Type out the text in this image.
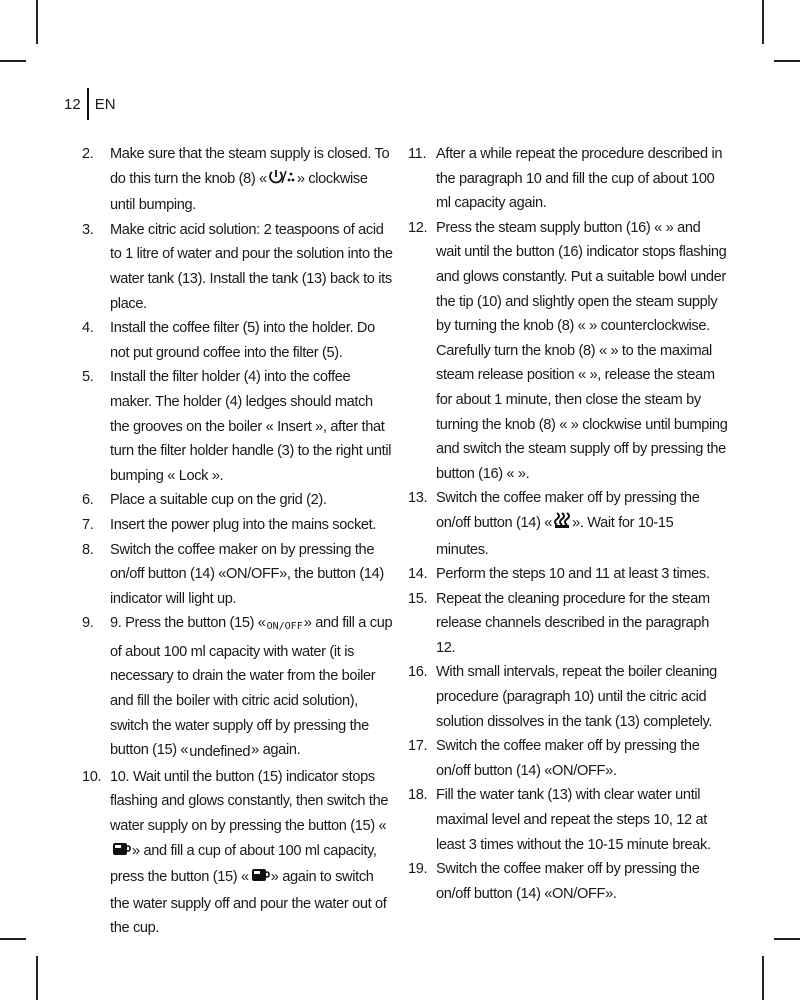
12 EN
2.	Make sure that the steam supply is closed. To do this turn the knob (8) « » clockwise until bumping.
3.	Make citric acid solution: 2 teaspoons of acid to 1 litre of water and pour the solution into the water tank (13). Install the tank (13) back to its place.
4.	Install the coffee filter (5) into the holder. Do not put ground coffee into the filter (5).
5.	Install the filter holder (4) into the coffee maker. The holder (4) ledges should match the grooves on the boiler « Insert », after that turn the filter holder handle (3) to the right until bumping « Lock ».
6.	Place a suitable cup on the grid (2).
7.	Insert the power plug into the mains socket.
8.	Switch the coffee maker on by pressing the on/off button (14) «ON/OFF», the button (14) indicator will light up.
9.	9. Press the button (15) «ON/OFF» and fill a cup of about 100 ml capacity with water (it is necessary to drain the water from the boiler and fill the boiler with citric acid solution), switch the water supply off by pressing the button (15) «undefined» again.
10. 10. Wait until the button (15) indicator stops flashing and glows constantly, then switch the water supply on by pressing the button (15) «» and fill a cup of about 100 ml capacity, press the button (15) « » again to switch the water supply off and pour the water out of the cup.
11. After a while repeat the procedure described in the paragraph 10 and fill the cup of about 100 ml capacity again.
12. Press the steam supply button (16) « » and wait until the button (16) indicator stops flashing and glows constantly. Put a suitable bowl under the tip (10) and slightly open the steam supply by turning the knob (8) « » counterclockwise. Carefully turn the knob (8) « » to the maximal steam release position « », release the steam for about 1 minute, then close the steam by turning the knob (8) « » clockwise until bumping and switch the steam supply off by pressing the button (16) « ».
13. Switch the coffee maker off by pressing the on/off button (14) « ». Wait for 10-15 minutes.
14. Perform the steps 10 and 11 at least 3 times.
15. Repeat the cleaning procedure for the steam release channels described in the paragraph 12.
16. With small intervals, repeat the boiler cleaning procedure (paragraph 10) until the citric acid solution dissolves in the tank (13) completely.
17. Switch the coffee maker off by pressing the on/off button (14) «ON/OFF».
18. Fill the water tank (13) with clear water until maximal level and repeat the steps 10, 12 at least 3 times without the 10-15 minute break.
19. Switch the coffee maker off by pressing the on/off button (14) «ON/OFF».
